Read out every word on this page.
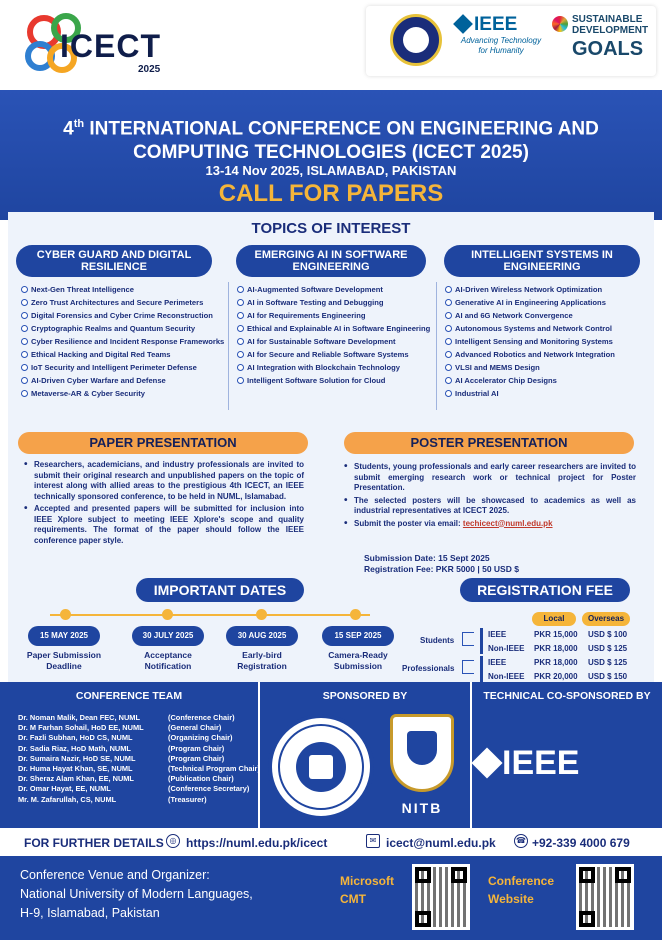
ICECT
2025
IEEE
Advancing Technology
for Humanity
SUSTAINABLE
DEVELOPMENT
GOALS
4th INTERNATIONAL CONFERENCE ON ENGINEERING AND
COMPUTING TECHNOLOGIES (ICECT 2025)
13-14 Nov 2025, ISLAMABAD, PAKISTAN
CALL FOR PAPERS
TOPICS OF INTEREST
CYBER GUARD AND DIGITAL RESILIENCE
EMERGING AI IN SOFTWARE ENGINEERING
INTELLIGENT SYSTEMS IN ENGINEERING
Next-Gen Threat Intelligence
Zero Trust Architectures and Secure Perimeters
Digital Forensics and Cyber Crime Reconstruction
Cryptographic Realms and Quantum Security
Cyber Resilience and Incident Response Frameworks
Ethical Hacking and Digital Red Teams
IoT Security and Intelligent Perimeter Defense
AI-Driven Cyber Warfare and Defense
Metaverse-AR & Cyber Security
AI-Augmented Software Development
AI in Software Testing and Debugging
AI for Requirements Engineering
Ethical and Explainable AI in Software Engineering
AI for Sustainable Software Development
AI for Secure and Reliable Software Systems
AI Integration with Blockchain Technology
Intelligent Software Solution for Cloud
AI-Driven Wireless Network Optimization
Generative AI in Engineering Applications
AI and 6G Network Convergence
Autonomous Systems and Network Control
Intelligent Sensing and Monitoring Systems
Advanced Robotics and Network Integration
VLSI and MEMS Design
AI Accelerator Chip Designs
Industrial AI
PAPER PRESENTATION	POSTER PRESENTATION
• Researchers, academicians, and industry professionals are invited to submit their original research and unpublished papers on the topic of interest along with allied areas to the prestigious 4th ICECT, an IEEE technically sponsored conference, to be held in NUML, Islamabad.
• Accepted and presented papers will be submitted for inclusion into IEEE Xplore subject to meeting IEEE Xplore's scope and quality requirements. The format of the paper should follow the IEEE conference paper style.
• Students, young professionals and early career researchers are invited to submit emerging research work or technical project for Poster Presentation.
• The selected posters will be showcased to academics as well as industrial representatives at ICECT 2025.
• Submit the poster via email: techicect@numl.edu.pk
Submission Date: 15 Sept 2025
Registration Fee: PKR 5000 | 50 USD $
IMPORTANT DATES
15 MAY 2025	30 JULY 2025	30 AUG 2025	15 SEP 2025
Paper Submission
Deadline
Acceptance
Notification
Early-bird
Registration
Camera-Ready
Submission
REGISTRATION FEE
Local	Overseas
Students
IEEE	PKR 15,000 USD $ 100
Non-IEEE PKR 18,000 USD $ 125
Professionals
IEEE	PKR 18,000 USD $ 125
Non-IEEE PKR 20,000 USD $ 150
CONFERENCE TEAM	SPONSORED BY	TECHNICAL CO-SPONSORED BY
Dr. Noman Malik, Dean FEC, NUML	(Conference Chair)
Dr. M Farhan Sohail, HoD EE, NUML	(General Chair)
Dr. Fazli Subhan, HoD CS, NUML	(Organizing Chair)
Dr. Sadia Riaz, HoD Math, NUML	(Program Chair)
Dr. Sumaira Nazir, HoD SE, NUML	(Program Chair)
Dr. Huma Hayat Khan, SE, NUML	(Technical Program Chair)
Dr. Sheraz Alam Khan, EE, NUML	(Publication Chair)
Dr. Omar Hayat, EE, NUML	(Conference Secretary)
Mr. M. Zafarullah, CS, NUML	(Treasurer)
NITB
IEEE
FOR FURTHER DETAILS ◎ https://numl.edu.pk/icect	✉ icect@numl.edu.pk	☎ +92-339 4000 679
Conference Venue and Organizer:
National University of Modern Languages,
H-9, Islamabad, Pakistan
Microsoft
CMT
Conference
Website
